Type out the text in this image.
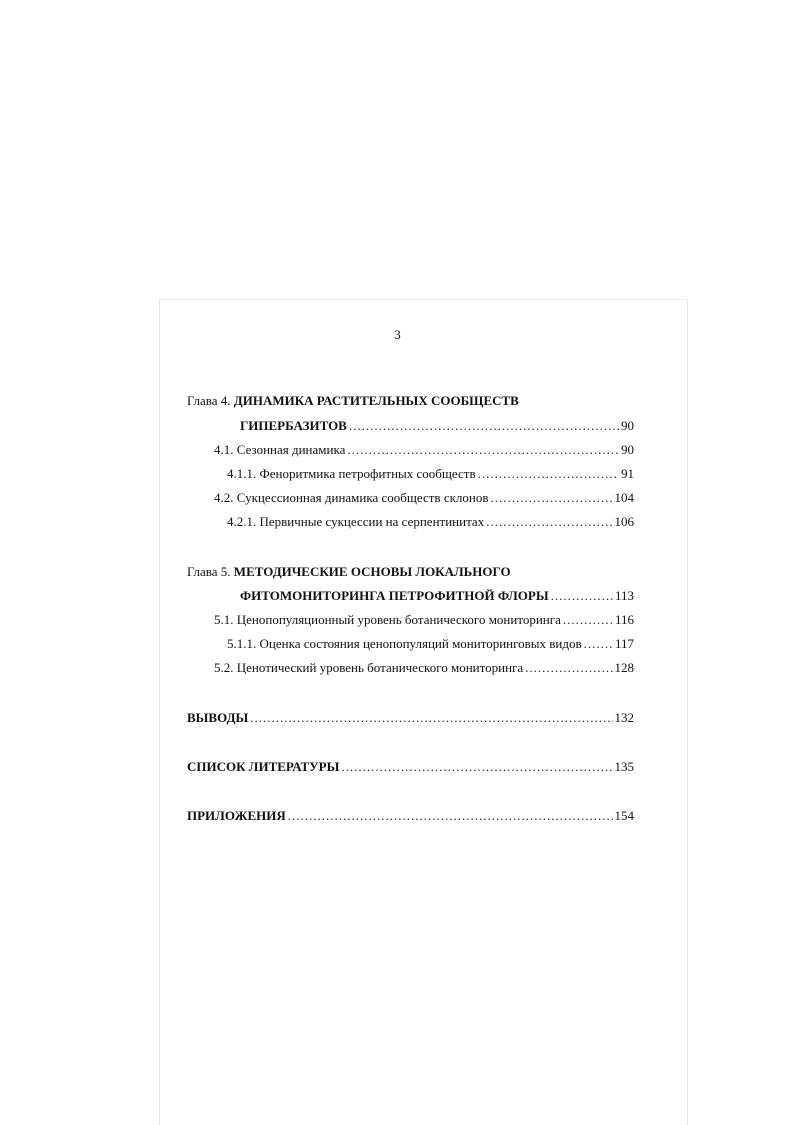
3
Глава 4. ДИНАМИКА РАСТИТЕЛЬНЫХ СООБЩЕСТВ
ГИПЕРБАЗИТОВ .....	90
4.1. Сезонная динамика .....	90
4.1.1. Феноритмика петрофитных сообществ .....	91
4.2. Сукцессионная динамика сообществ склонов .....	104
4.2.1. Первичные сукцессии на серпентинитах .....	106
Глава 5. МЕТОДИЧЕСКИЕ ОСНОВЫ ЛОКАЛЬНОГО
ФИТОМОНИТОРИНГА ПЕТРОФИТНОЙ ФЛОРЫ .....	113
5.1. Ценопопуляционный уровень ботанического мониторинга .....	116
5.1.1. Оценка состояния ценопопуляций мониторинговых видов .....	117
5.2. Ценотический уровень ботанического мониторинга .....	128
ВЫВОДЫ .....	132
СПИСОК ЛИТЕРАТУРЫ .....	135
ПРИЛОЖЕНИЯ .....	154
